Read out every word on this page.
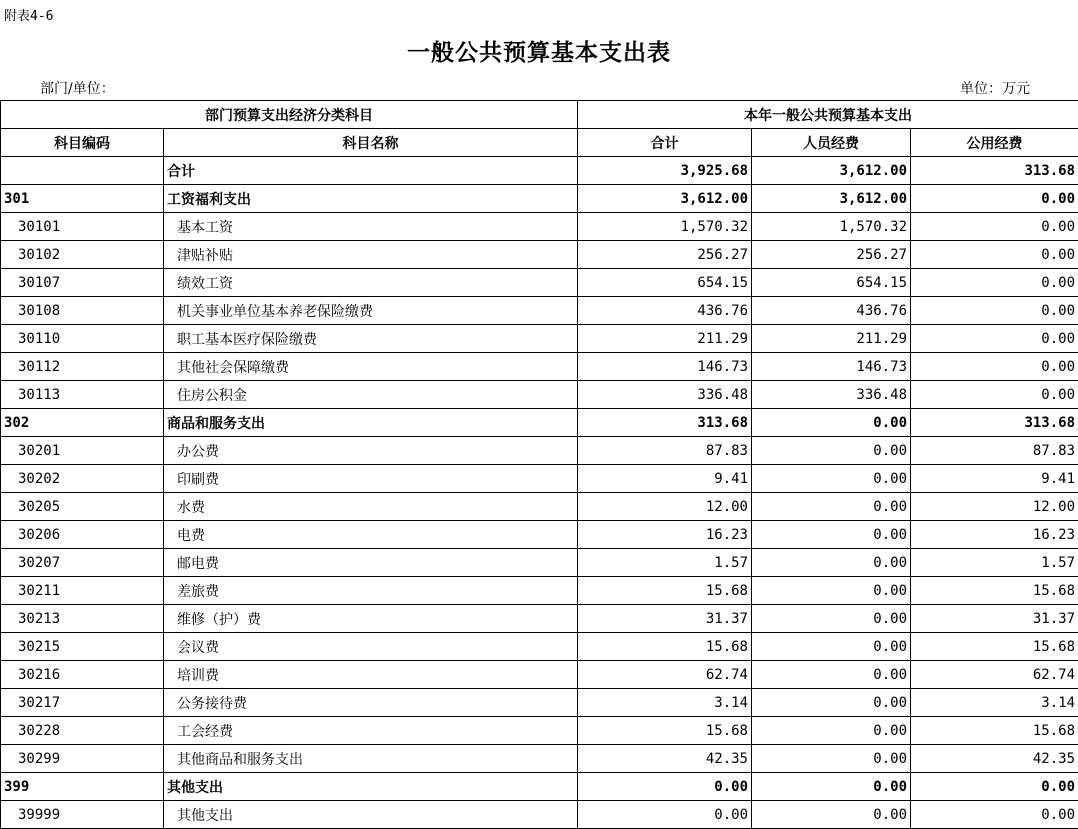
附表4-6
一般公共预算基本支出表
部门/单位：	单位：万元
部门预算支出经济分类科目		本年一般公共预算基本支出		
科目编码	科目名称	合计	人员经费	公用经费
	合计	3,925.68	3,612.00	313.68
301	工资福利支出	3,612.00	3,612.00	0.00
30101	基本工资	1,570.32	1,570.32	0.00
30102	津贴补贴	256.27	256.27	0.00
30107	绩效工资	654.15	654.15	0.00
30108	机关事业单位基本养老保险缴费	436.76	436.76	0.00
30110	职工基本医疗保险缴费	211.29	211.29	0.00
30112	其他社会保障缴费	146.73	146.73	0.00
30113	住房公积金	336.48	336.48	0.00
302	商品和服务支出	313.68	0.00	313.68
30201	办公费	87.83	0.00	87.83
30202	印刷费	9.41	0.00	9.41
30205	水费	12.00	0.00	12.00
30206	电费	16.23	0.00	16.23
30207	邮电费	1.57	0.00	1.57
30211	差旅费	15.68	0.00	15.68
30213	维修（护）费	31.37	0.00	31.37
30215	会议费	15.68	0.00	15.68
30216	培训费	62.74	0.00	62.74
30217	公务接待费	3.14	0.00	3.14
30228	工会经费	15.68	0.00	15.68
30299	其他商品和服务支出	42.35	0.00	42.35
399	其他支出	0.00	0.00	0.00
39999	其他支出	0.00	0.00	0.00
